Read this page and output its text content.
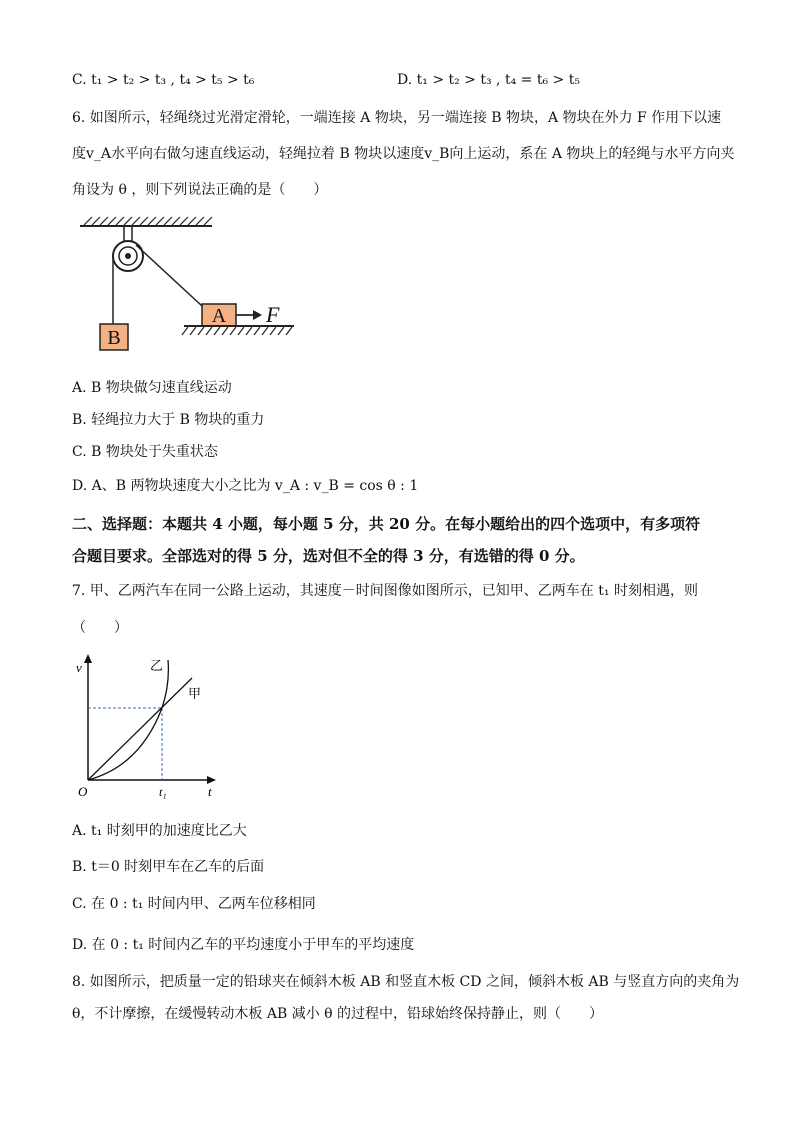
C. t₁ > t₂ > t₃ , t₄ > t₅ > t₆	D. t₁ > t₂ > t₃ , t₄ = t₆ > t₅
6. 如图所示，轻绳绕过光滑定滑轮，一端连接 A 物块，另一端连接 B 物块，A 物块在外力 F 作用下以速
度v_A水平向右做匀速直线运动，轻绳拉着 B 物块以速度v_B向上运动，系在 A 物块上的轻绳与水平方向夹
角设为 θ ，则下列说法正确的是（　　）
B
A F
A. B 物块做匀速直线运动
B. 轻绳拉力大于 B 物块的重力
C. B 物块处于失重状态
D. A、B 两物块速度大小之比为 v_A : v_B = cos θ : 1
二、选择题：本题共 4 小题，每小题 5 分，共 20 分。在每小题给出的四个选项中，有多项符
合题目要求。全部选对的得 5 分，选对但不全的得 3 分，有选错的得 0 分。
7. 甲、乙两汽车在同一公路上运动，其速度－时间图像如图所示，已知甲、乙两车在 t₁ 时刻相遇，则
（　　）
v
t
O	t₁
甲
乙
A. t₁ 时刻甲的加速度比乙大
B. t＝0 时刻甲车在乙车的后面
C. 在 0 : t₁ 时间内甲、乙两车位移相同
D. 在 0 : t₁ 时间内乙车的平均速度小于甲车的平均速度
8. 如图所示，把质量一定的铅球夹在倾斜木板 AB 和竖直木板 CD 之间，倾斜木板 AB 与竖直方向的夹角为
θ，不计摩擦，在缓慢转动木板 AB 减小 θ 的过程中，铅球始终保持静止，则（　　）
